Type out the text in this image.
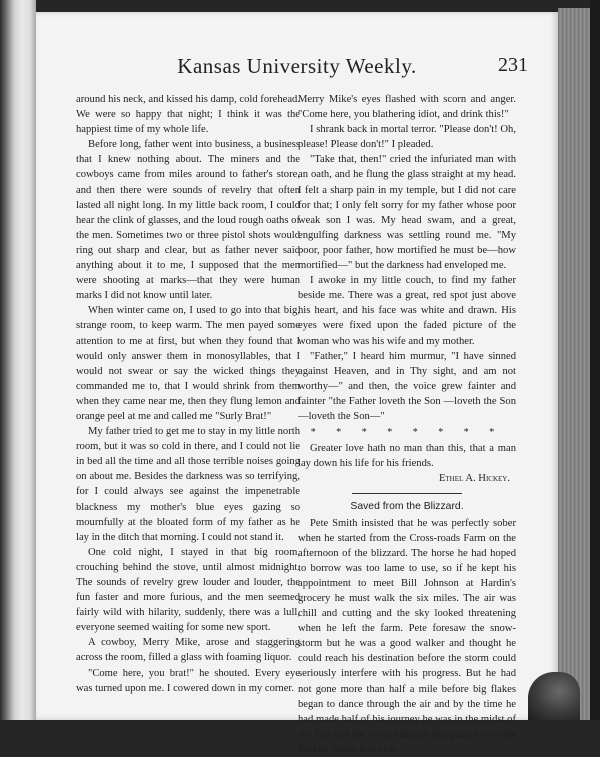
Kansas University Weekly.	231

around his neck, and kissed his damp, cold forehead. We were so happy that night; I think it was the happiest time of my whole life.

Before long, father went into business, a business that I knew nothing about. The miners and the cowboys came from miles around to father's store, and then there were sounds of revelry that often lasted all night long. In my little back room, I could hear the clink of glasses, and the loud rough oaths of the men. Sometimes two or three pistol shots would ring out sharp and clear, but as father never said anything about it to me, I supposed that the men were shooting at marks—that they were human marks I did not know until later.

When winter came on, I used to go into that big, strange room, to keep warm. The men payed some attention to me at first, but when they found that I would only answer them in monosyllables, that I would not swear or say the wicked things they commanded me to, that I would shrink from them when they came near me, then they flung lemon and orange peel at me and called me "Surly Brat!"

My father tried to get me to stay in my little north room, but it was so cold in there, and I could not lie in bed all the time and all those terrible noises going on about me. Besides the darkness was so terrifying, for I could always see against the impenetrable blackness my mother's blue eyes gazing so mournfully at the bloated form of my father as he lay in the ditch that morning. I could not stand it.

One cold night, I stayed in that big room, crouching behind the stove, until almost midnight. The sounds of revelry grew louder and louder, the fun faster and more furious, and the men seemed fairly wild with hilarity, suddenly, there was a lull, everyone seemed waiting for some new sport.

A cowboy, Merry Mike, arose and staggering across the room, filled a glass with foaming liquor.

"Come here, you brat!" he shouted. Every eye was turned upon me. I cowered down in my corner.

Merry Mike's eyes flashed with scorn and anger. "Come here, you blathering idiot, and drink this!"

I shrank back in mortal terror. "Please don't! Oh, please! Please don't!" I pleaded.

"Take that, then!" cried the infuriated man with an oath, and he flung the glass straight at my head. I felt a sharp pain in my temple, but I did not care for that; I only felt sorry for my father whose poor weak son I was. My head swam, and a great, engulfing darkness was settling round me. "My poor, poor father, how mortified he must be—how mortified—" but the darkness had enveloped me.

I awoke in my little couch, to find my father beside me. There was a great, red spot just above his heart, and his face was white and drawn. His eyes were fixed upon the faded picture of the woman who was his wife and my mother.

"Father," I heard him murmur, "I have sinned against Heaven, and in Thy sight, and am not worthy—" and then, the voice grew fainter and fainter "the Father loveth the Son —loveth the Son—loveth the Son—"

* * * * * * * *

Greater love hath no man than this, that a man lay down his life for his friends.

Ethel A. Hickey.
Saved from the Blizzard.

Pete Smith insisted that he was perfectly sober when he started from the Cross-roads Farm on the afternoon of the blizzard. The horse he had hoped to borrow was too lame to use, so if he kept his appointment to meet Bill Johnson at Hardin's grocery he must walk the six miles. The air was chill and cutting and the sky looked threatening when he left the farm. Pete foresaw the snow-storm but he was a good walker and thought he could reach his destination before the storm could seriously interfere with his progress. But he had not gone more than half a mile before big flakes began to dance through the air and by the time he had made half of his journey he was in the midst of the first and the worst blizzard that passed over the Middle States that year.
